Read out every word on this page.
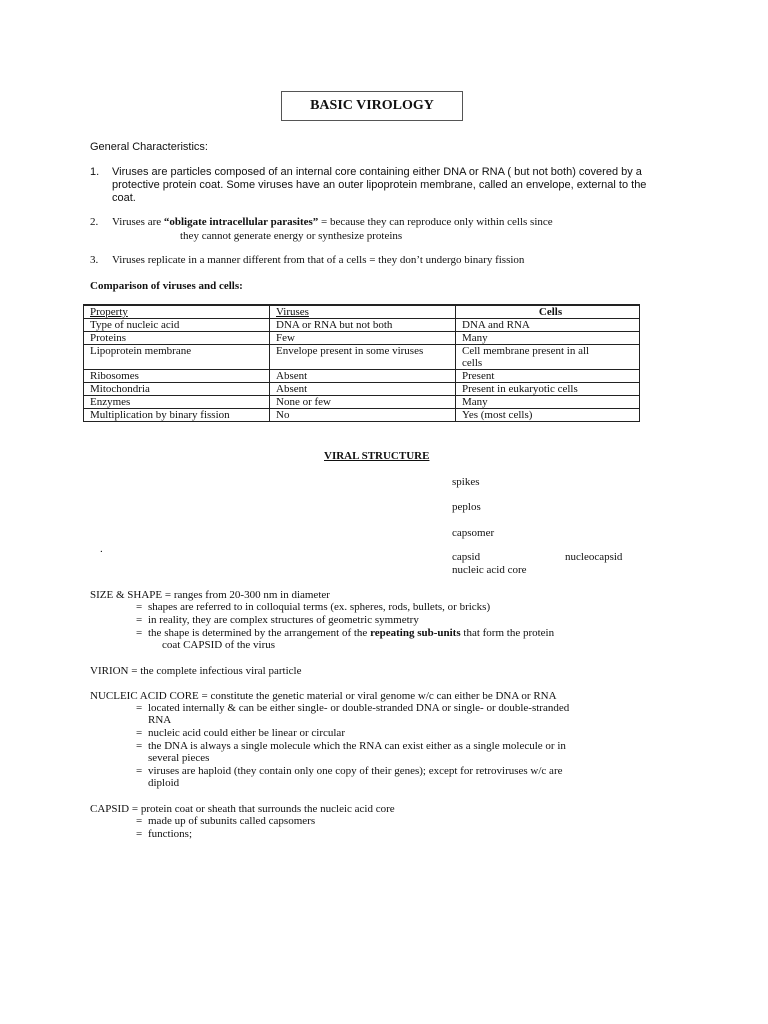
BASIC VIROLOGY
General Characteristics:
1. Viruses are particles composed of an internal core containing either DNA or RNA ( but not both) covered by a
protective protein coat. Some viruses have an outer lipoprotein membrane, called an envelope, external to the
coat.
2. Viruses are “obligate intracellular parasites” = because they can reproduce only within cells since
they cannot generate energy or synthesize proteins
3. Viruses replicate in a manner different from that of a cells = they don’t undergo binary fission
Comparison of viruses and cells:
Property	Viruses	Cells
Type of nucleic acid	DNA or RNA but not both	DNA and RNA
Proteins	Few	Many
Lipoprotein membrane	Envelope present in some viruses	Cell membrane present in all
cells

Ribosomes	Absent	Present
Mitochondria	Absent	Present in eukaryotic cells
Enzymes	None or few	Many
Multiplication by binary fission	No	Yes (most cells)
VIRAL STRUCTURE
spikes
peplos
capsomer
.
capsid	nucleocapsid
nucleic acid core
SIZE & SHAPE = ranges from 20-300 nm in diameter
= shapes are referred to in colloquial terms (ex. spheres, rods, bullets, or bricks)
= in reality, they are complex structures of geometric symmetry
= the shape is determined by the arrangement of the repeating sub-units that form the protein
coat CAPSID of the virus
VIRION = the complete infectious viral particle
NUCLEIC ACID CORE = constitute the genetic material or viral genome w/c can either be DNA or RNA
= located internally & can be either single- or double-stranded DNA or single- or double-stranded
RNA
= nucleic acid could either be linear or circular
= the DNA is always a single molecule which the RNA can exist either as a single molecule or in
several pieces
= viruses are haploid (they contain only one copy of their genes); except for retroviruses w/c are
diploid
CAPSID = protein coat or sheath that surrounds the nucleic acid core
= made up of subunits called capsomers
= functions;
